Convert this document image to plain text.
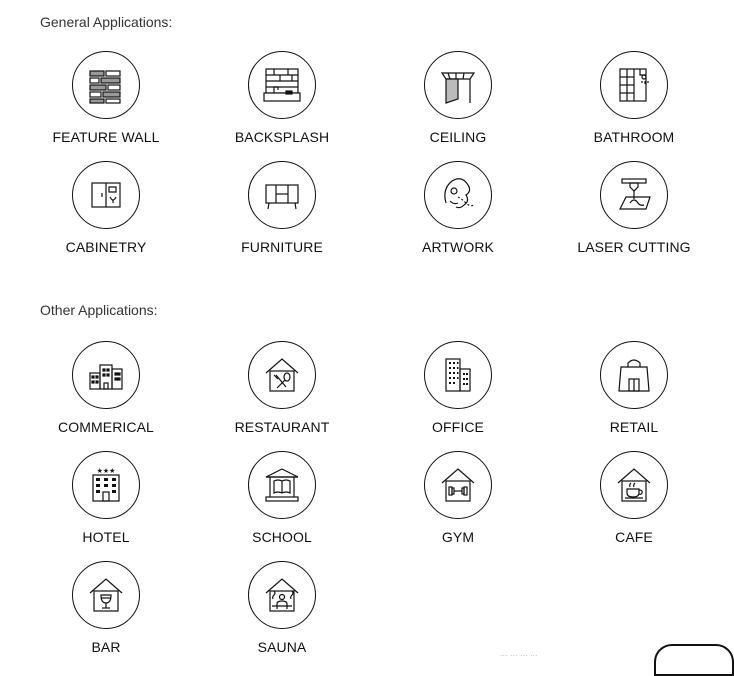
General Applications:
FEATURE WALL	BACKSPLASH	CEILING	BATHROOM
CABINETRY	FURNITURE	ARTWORK	LASER CUTTING
Other Applications:
COMMERICAL	RESTAURANT	OFFICE	RETAIL
★★★
HOTEL	SCHOOL	GYM	CAFE
BAR	SAUNA	... ... ... ...
